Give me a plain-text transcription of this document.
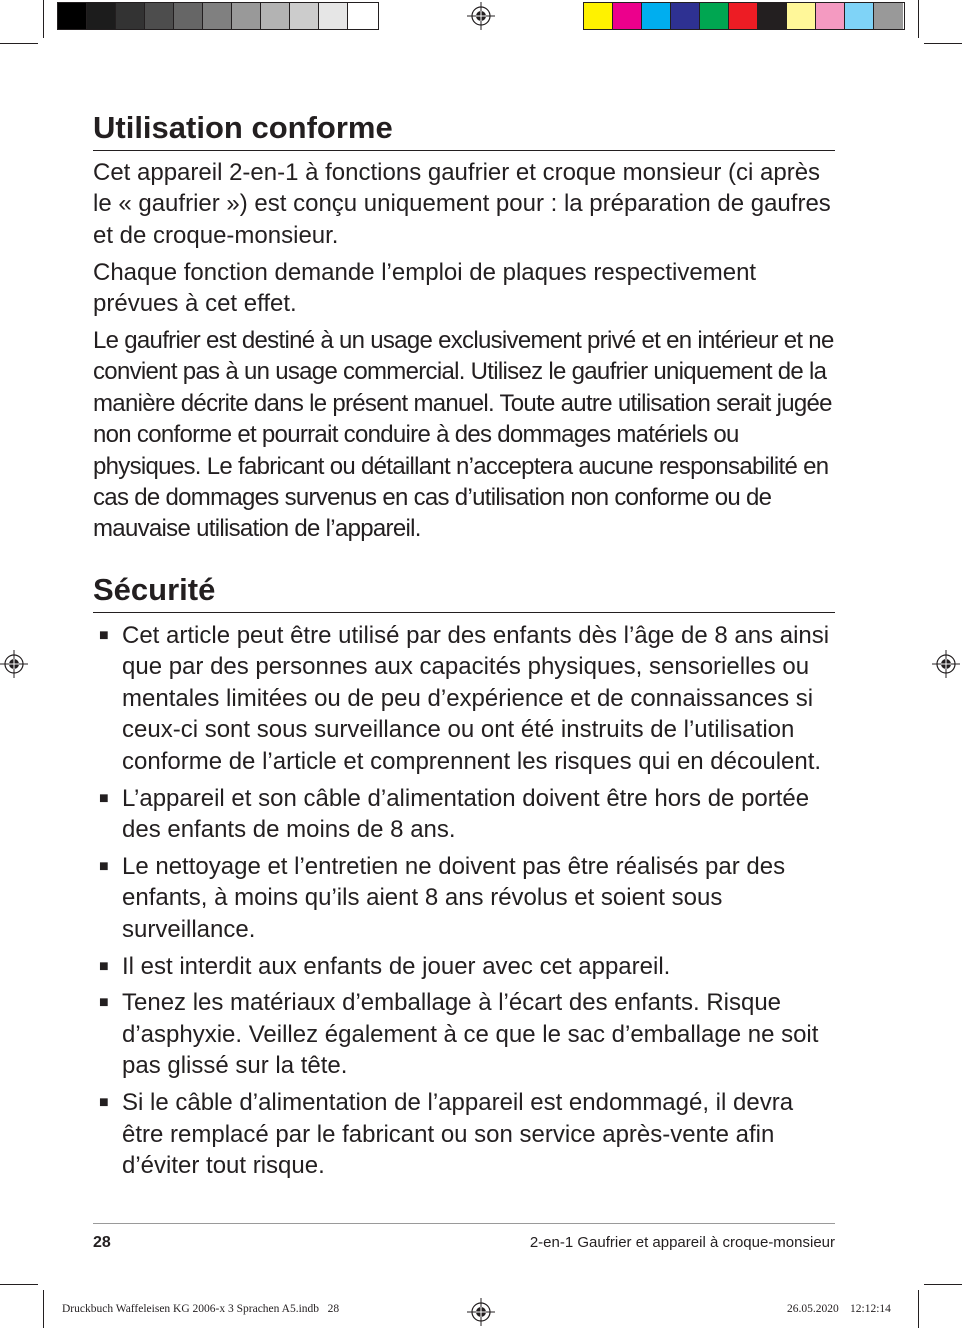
Utilisation conforme

Cet appareil 2-en-1 à fonctions gaufrier et croque monsieur (ci après le « gaufrier ») est conçu uniquement pour : la préparation de gaufres et de croque-monsieur.

Chaque fonction demande l’emploi de plaques respectivement prévues à cet effet.

Le gaufrier est destiné à un usage exclusivement privé et en intérieur et ne convient pas à un usage commercial. Utilisez le gaufrier uniquement de la manière décrite dans le présent manuel. Toute autre utilisation serait jugée non conforme et pourrait conduire à des dommages matériels ou physiques. Le fabricant ou détaillant n’acceptera aucune responsabilité en cas de dommages survenus en cas d’utilisation non conforme ou de mauvaise utilisation de l’appareil.

Sécurité
■ Cet article peut être utilisé par des enfants dès l’âge de 8 ans ainsi que par des personnes aux capacités physiques, sensorielles ou mentales limitées ou de peu d’expérience et de connaissances si ceux-ci sont sous surveillance ou ont été instruits de l’utilisation conforme de l’article et comprennent les risques qui en découlent.
■ L’appareil et son câble d’alimentation doivent être hors de portée des enfants de moins de 8 ans.
■ Le nettoyage et l’entretien ne doivent pas être réalisés par des enfants, à moins qu’ils aient 8 ans révolus et soient sous surveillance.
■ Il est interdit aux enfants de jouer avec cet appareil.
■ Tenez les matériaux d’emballage à l’écart des enfants. Risque d’asphyxie. Veillez également à ce que le sac d’emballage ne soit pas glissé sur la tête.
■ Si le câble d’alimentation de l’appareil est endommagé, il devra être remplacé par le fabricant ou son service après-vente afin d’éviter tout risque.
28	2-en-1 Gaufrier et appareil à croque-monsieur
Druckbuch Waffeleisen KG 2006-x 3 Sprachen A5.indb   28	26.05.2020 12:12:14
